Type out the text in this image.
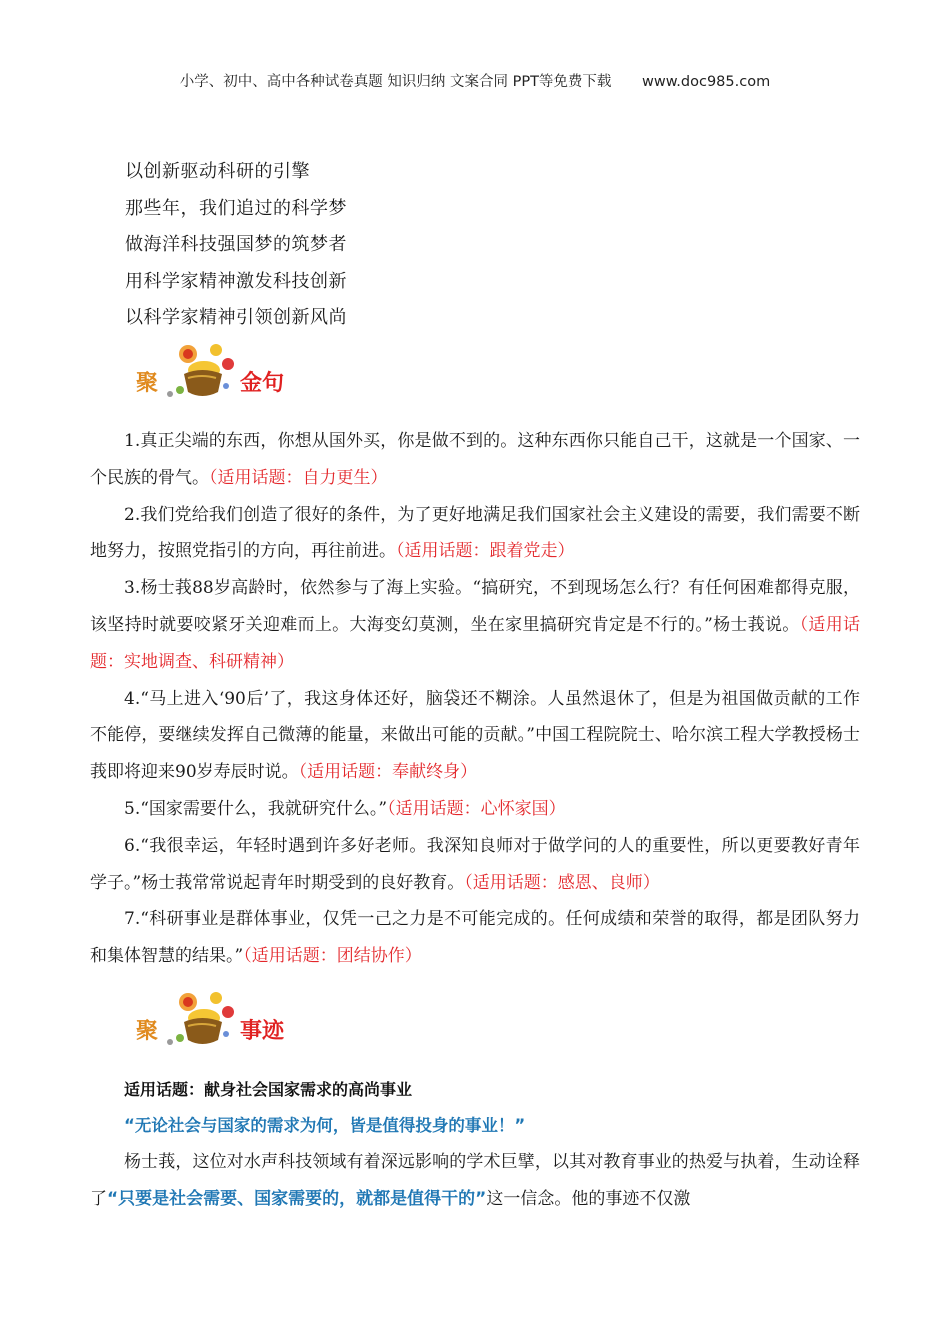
小学、初中、高中各种试卷真题 知识归纳 文案合同 PPT等免费下载 www.doc985.com
以创新驱动科研的引擎
那些年，我们追过的科学梦
做海洋科技强国梦的筑梦者
用科学家精神激发科技创新
以科学家精神引领创新风尚
聚	金句

1.真正尖端的东西，你想从国外买，你是做不到的。这种东西你只能自己干，这就是一个国家、一个民族的骨气。（适用话题：自力更生）

2.我们党给我们创造了很好的条件，为了更好地满足我们国家社会主义建设的需要，我们需要不断地努力，按照党指引的方向，再往前进。（适用话题：跟着党走）

3.杨士莪88岁高龄时，依然参与了海上实验。“搞研究，不到现场怎么行？有任何困难都得克服，该坚持时就要咬紧牙关迎难而上。大海变幻莫测，坐在家里搞研究肯定是不行的。”杨士莪说。（适用话题：实地调查、科研精神）

4.“马上进入‘90后’了，我这身体还好，脑袋还不糊涂。人虽然退休了，但是为祖国做贡献的工作不能停，要继续发挥自己微薄的能量，来做出可能的贡献。”中国工程院院士、哈尔滨工程大学教授杨士莪即将迎来90岁寿辰时说。（适用话题：奉献终身）

5.“国家需要什么，我就研究什么。”（适用话题：心怀家国）

6.“我很幸运，年轻时遇到许多好老师。我深知良师对于做学问的人的重要性，所以更要教好青年学子。”杨士莪常常说起青年时期受到的良好教育。（适用话题：感恩、良师）

7.“科研事业是群体事业，仅凭一己之力是不可能完成的。任何成绩和荣誉的取得，都是团队努力和集体智慧的结果。”（适用话题：团结协作）

聚	事迹
适用话题：献身社会国家需求的高尚事业
“无论社会与国家的需求为何，皆是值得投身的事业！”

杨士莪，这位对水声科技领域有着深远影响的学术巨擘，以其对教育事业的热爱与执着，生动诠释了“只要是社会需要、国家需要的，就都是值得干的”这一信念。他的事迹不仅激
